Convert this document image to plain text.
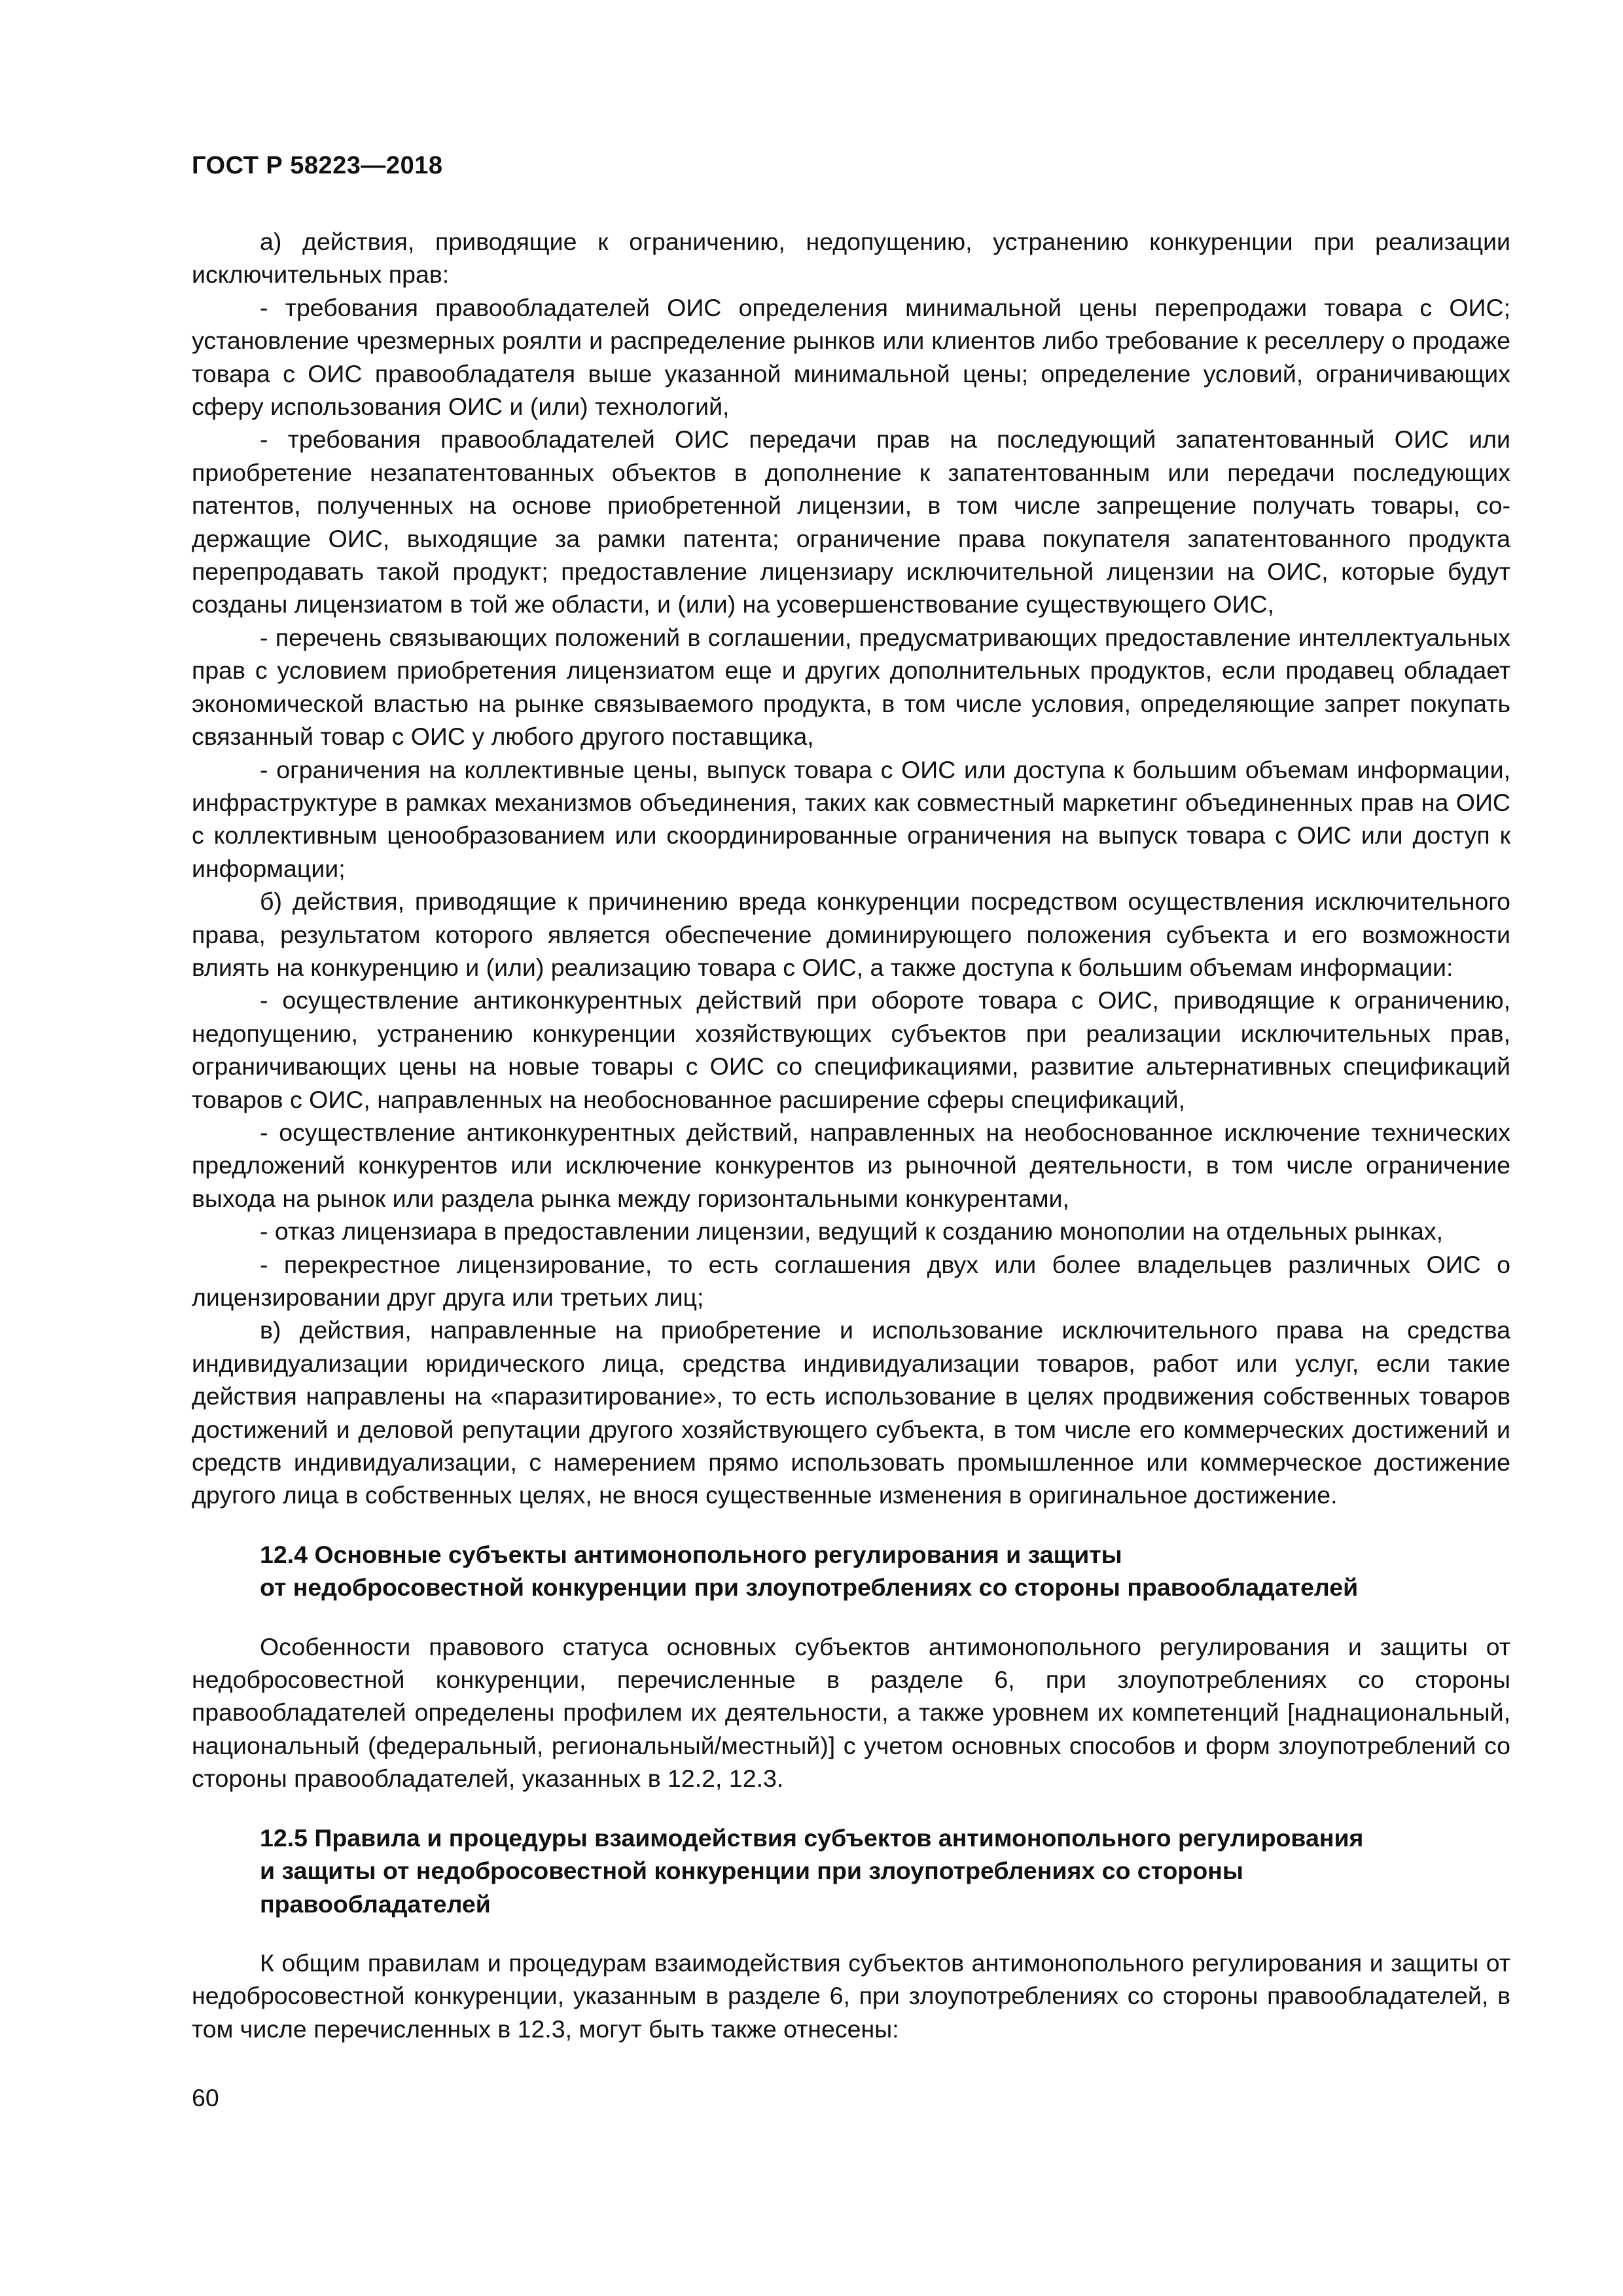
ГОСТ Р 58223—2018

а) действия, приводящие к ограничению, недопущению, устранению конкуренции при реализации исключительных прав:

- требования правообладателей ОИС определения минимальной цены перепродажи товара с ОИС; установление чрезмерных роялти и распределение рынков или клиентов либо требование к реселлеру о продаже товара с ОИС правообладателя выше указанной минимальной цены; определение условий, ограничивающих сферу использования ОИС и (или) технологий,

- требования правообладателей ОИС передачи прав на последующий запатентованный ОИС или приобретение незапатентованных объектов в дополнение к запатентованным или передачи последующих патентов, полученных на основе приобретенной лицензии, в том числе запрещение получать товары, содержащие ОИС, выходящие за рамки патента; ограничение права покупателя запатентованного продукта перепродавать такой продукт; предоставление лицензиару исключительной лицензии на ОИС, которые будут созданы лицензиатом в той же области, и (или) на усовершенствование существующего ОИС,

- перечень связывающих положений в соглашении, предусматривающих предоставление интеллектуальных прав с условием приобретения лицензиатом еще и других дополнительных продуктов, если продавец обладает экономической властью на рынке связываемого продукта, в том числе условия, определяющие запрет покупать связанный товар с ОИС у любого другого поставщика,

- ограничения на коллективные цены, выпуск товара с ОИС или доступа к большим объемам информации, инфраструктуре в рамках механизмов объединения, таких как совместный маркетинг объединенных прав на ОИС с коллективным ценообразованием или скоординированные ограничения на выпуск товара с ОИС или доступ к информации;

б) действия, приводящие к причинению вреда конкуренции посредством осуществления исключительного права, результатом которого является обеспечение доминирующего положения субъекта и его возможности влиять на конкуренцию и (или) реализацию товара с ОИС, а также доступа к большим объемам информации:

- осуществление антиконкурентных действий при обороте товара с ОИС, приводящие к ограничению, недопущению, устранению конкуренции хозяйствующих субъектов при реализации исключительных прав, ограничивающих цены на новые товары с ОИС со спецификациями, развитие альтернативных спецификаций товаров с ОИС, направленных на необоснованное расширение сферы спецификаций,

- осуществление антиконкурентных действий, направленных на необоснованное исключение технических предложений конкурентов или исключение конкурентов из рыночной деятельности, в том числе ограничение выхода на рынок или раздела рынка между горизонтальными конкурентами,

- отказ лицензиара в предоставлении лицензии, ведущий к созданию монополии на отдельных рынках,

- перекрестное лицензирование, то есть соглашения двух или более владельцев различных ОИС о лицензировании друг друга или третьих лиц;

в) действия, направленные на приобретение и использование исключительного права на средства индивидуализации юридического лица, средства индивидуализации товаров, работ или услуг, если такие действия направлены на «паразитирование», то есть использование в целях продвижения собственных товаров достижений и деловой репутации другого хозяйствующего субъекта, в том числе его коммерческих достижений и средств индивидуализации, с намерением прямо использовать промышленное или коммерческое достижение другого лица в собственных целях, не внося существенные изменения в оригинальное достижение.

12.4 Основные субъекты антимонопольного регулирования и защиты
от недобросовестной конкуренции при злоупотреблениях со стороны правообладателей

Особенности правового статуса основных субъектов антимонопольного регулирования и защиты от недобросовестной конкуренции, перечисленные в разделе 6, при злоупотреблениях со стороны правообладателей определены профилем их деятельности, а также уровнем их компетенций [наднациональный, национальный (федеральный, региональный/местный)] с учетом основных способов и форм злоупотреблений со стороны правообладателей, указанных в 12.2, 12.3.

12.5 Правила и процедуры взаимодействия субъектов антимонопольного регулирования
и защиты от недобросовестной конкуренции при злоупотреблениях со стороны
правообладателей

К общим правилам и процедурам взаимодействия субъектов антимонопольного регулирования и защиты от недобросовестной конкуренции, указанным в разделе 6, при злоупотреблениях со стороны правообладателей, в том числе перечисленных в 12.3, могут быть также отнесены:

60
